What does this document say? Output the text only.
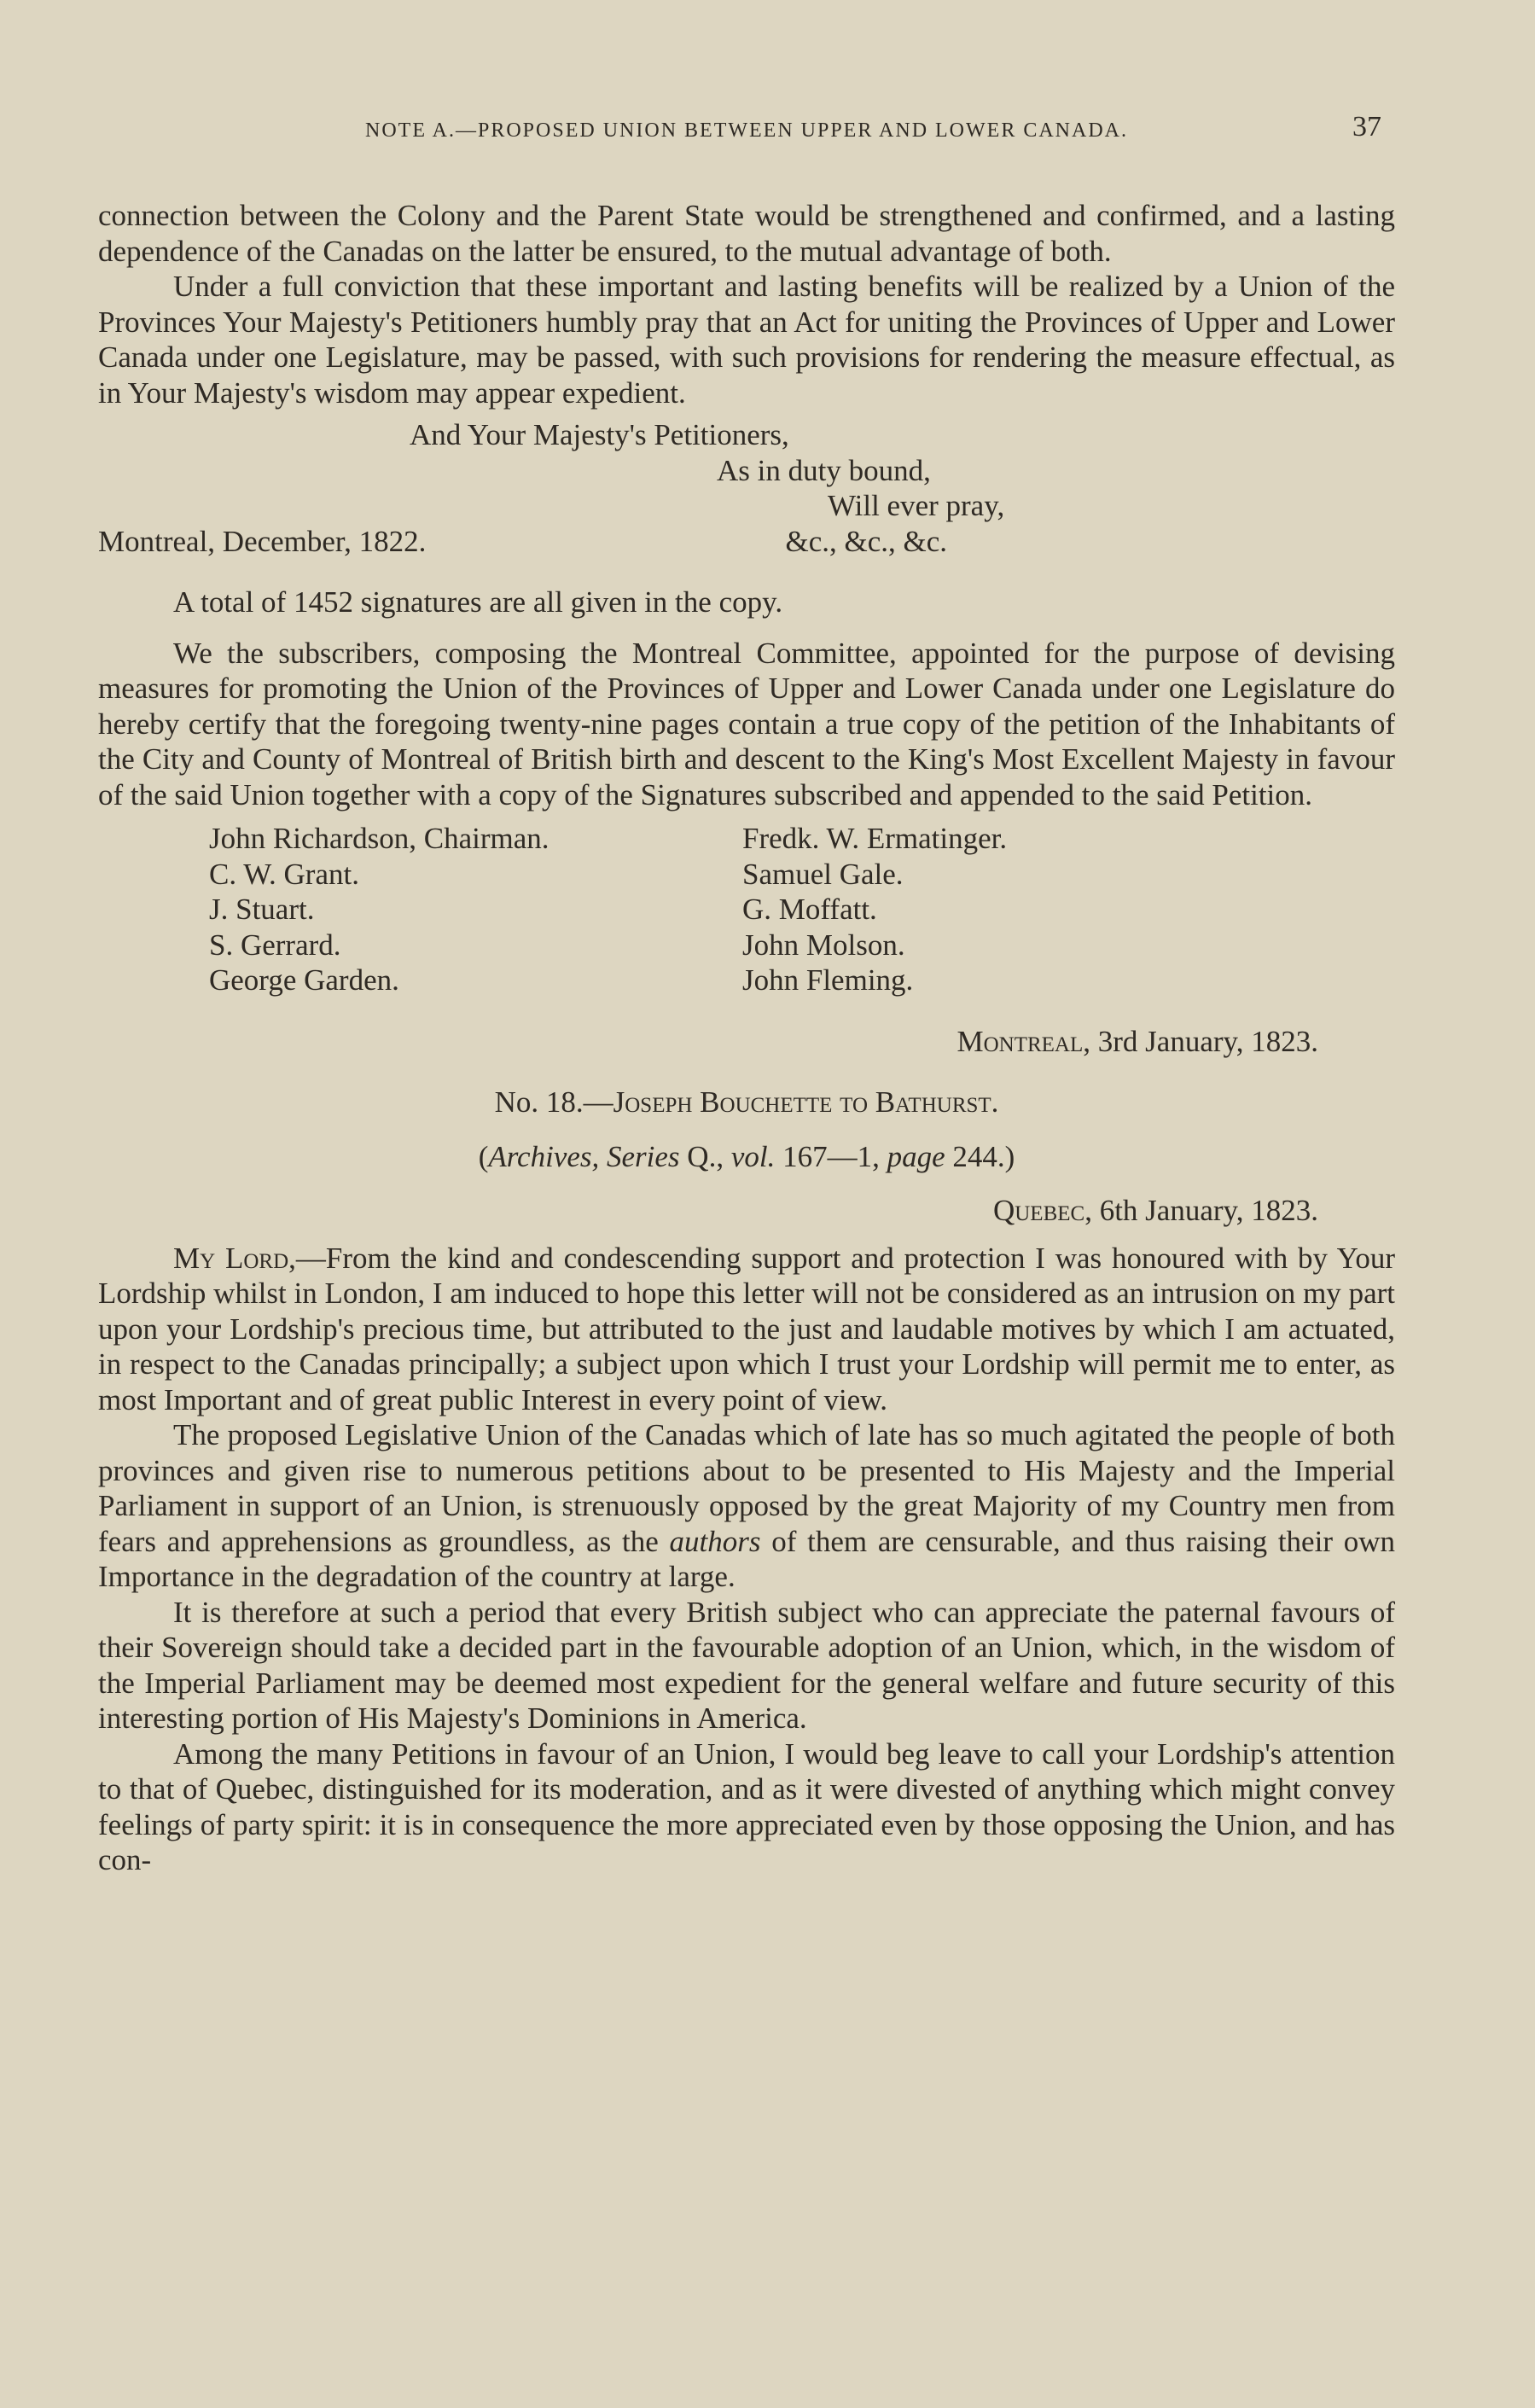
NOTE A.—PROPOSED UNION BETWEEN UPPER AND LOWER CANADA.	37

connection between the Colony and the Parent State would be strengthened and confirmed, and a lasting dependence of the Canadas on the latter be ensured, to the mutual advantage of both.

Under a full conviction that these important and lasting benefits will be realized by a Union of the Provinces Your Majesty's Petitioners humbly pray that an Act for uniting the Provinces of Upper and Lower Canada under one Legislature, may be passed, with such provisions for rendering the measure effectual, as in Your Majesty's wisdom may appear expedient.

And Your Majesty's Petitioners,
As in duty bound,
Will ever pray,
Montreal, December, 1822.	&c., &c., &c.

A total of 1452 signatures are all given in the copy.

We the subscribers, composing the Montreal Committee, appointed for the purpose of devising measures for promoting the Union of the Provinces of Upper and Lower Canada under one Legislature do hereby certify that the foregoing twenty-nine pages contain a true copy of the petition of the Inhabitants of the City and County of Montreal of British birth and descent to the King's Most Excellent Majesty in favour of the said Union together with a copy of the Signatures subscribed and appended to the said Petition.

John Richardson, Chairman.	Fredk. W. Ermatinger.
C. W. Grant.	Samuel Gale.
J. Stuart.	G. Moffatt.
S. Gerrard.	John Molson.
George Garden.	John Fleming.
Montreal, 3rd January, 1823.
No. 18.—Joseph Bouchette to Bathurst.
(Archives, Series Q., vol. 167—1, page 244.)
Quebec, 6th January, 1823.

My Lord,—From the kind and condescending support and protection I was honoured with by Your Lordship whilst in London, I am induced to hope this letter will not be considered as an intrusion on my part upon your Lordship's precious time, but attributed to the just and laudable motives by which I am actuated, in respect to the Canadas principally; a subject upon which I trust your Lordship will permit me to enter, as most Important and of great public Interest in every point of view.

The proposed Legislative Union of the Canadas which of late has so much agitated the people of both provinces and given rise to numerous petitions about to be presented to His Majesty and the Imperial Parliament in support of an Union, is strenuously opposed by the great Majority of my Country men from fears and apprehensions as groundless, as the authors of them are censurable, and thus raising their own Importance in the degradation of the country at large.

It is therefore at such a period that every British subject who can appreciate the paternal favours of their Sovereign should take a decided part in the favourable adoption of an Union, which, in the wisdom of the Imperial Parliament may be deemed most expedient for the general welfare and future security of this interesting portion of His Majesty's Dominions in America.

Among the many Petitions in favour of an Union, I would beg leave to call your Lordship's attention to that of Quebec, distinguished for its moderation, and as it were divested of anything which might convey feelings of party spirit: it is in consequence the more appreciated even by those opposing the Union, and has con-
